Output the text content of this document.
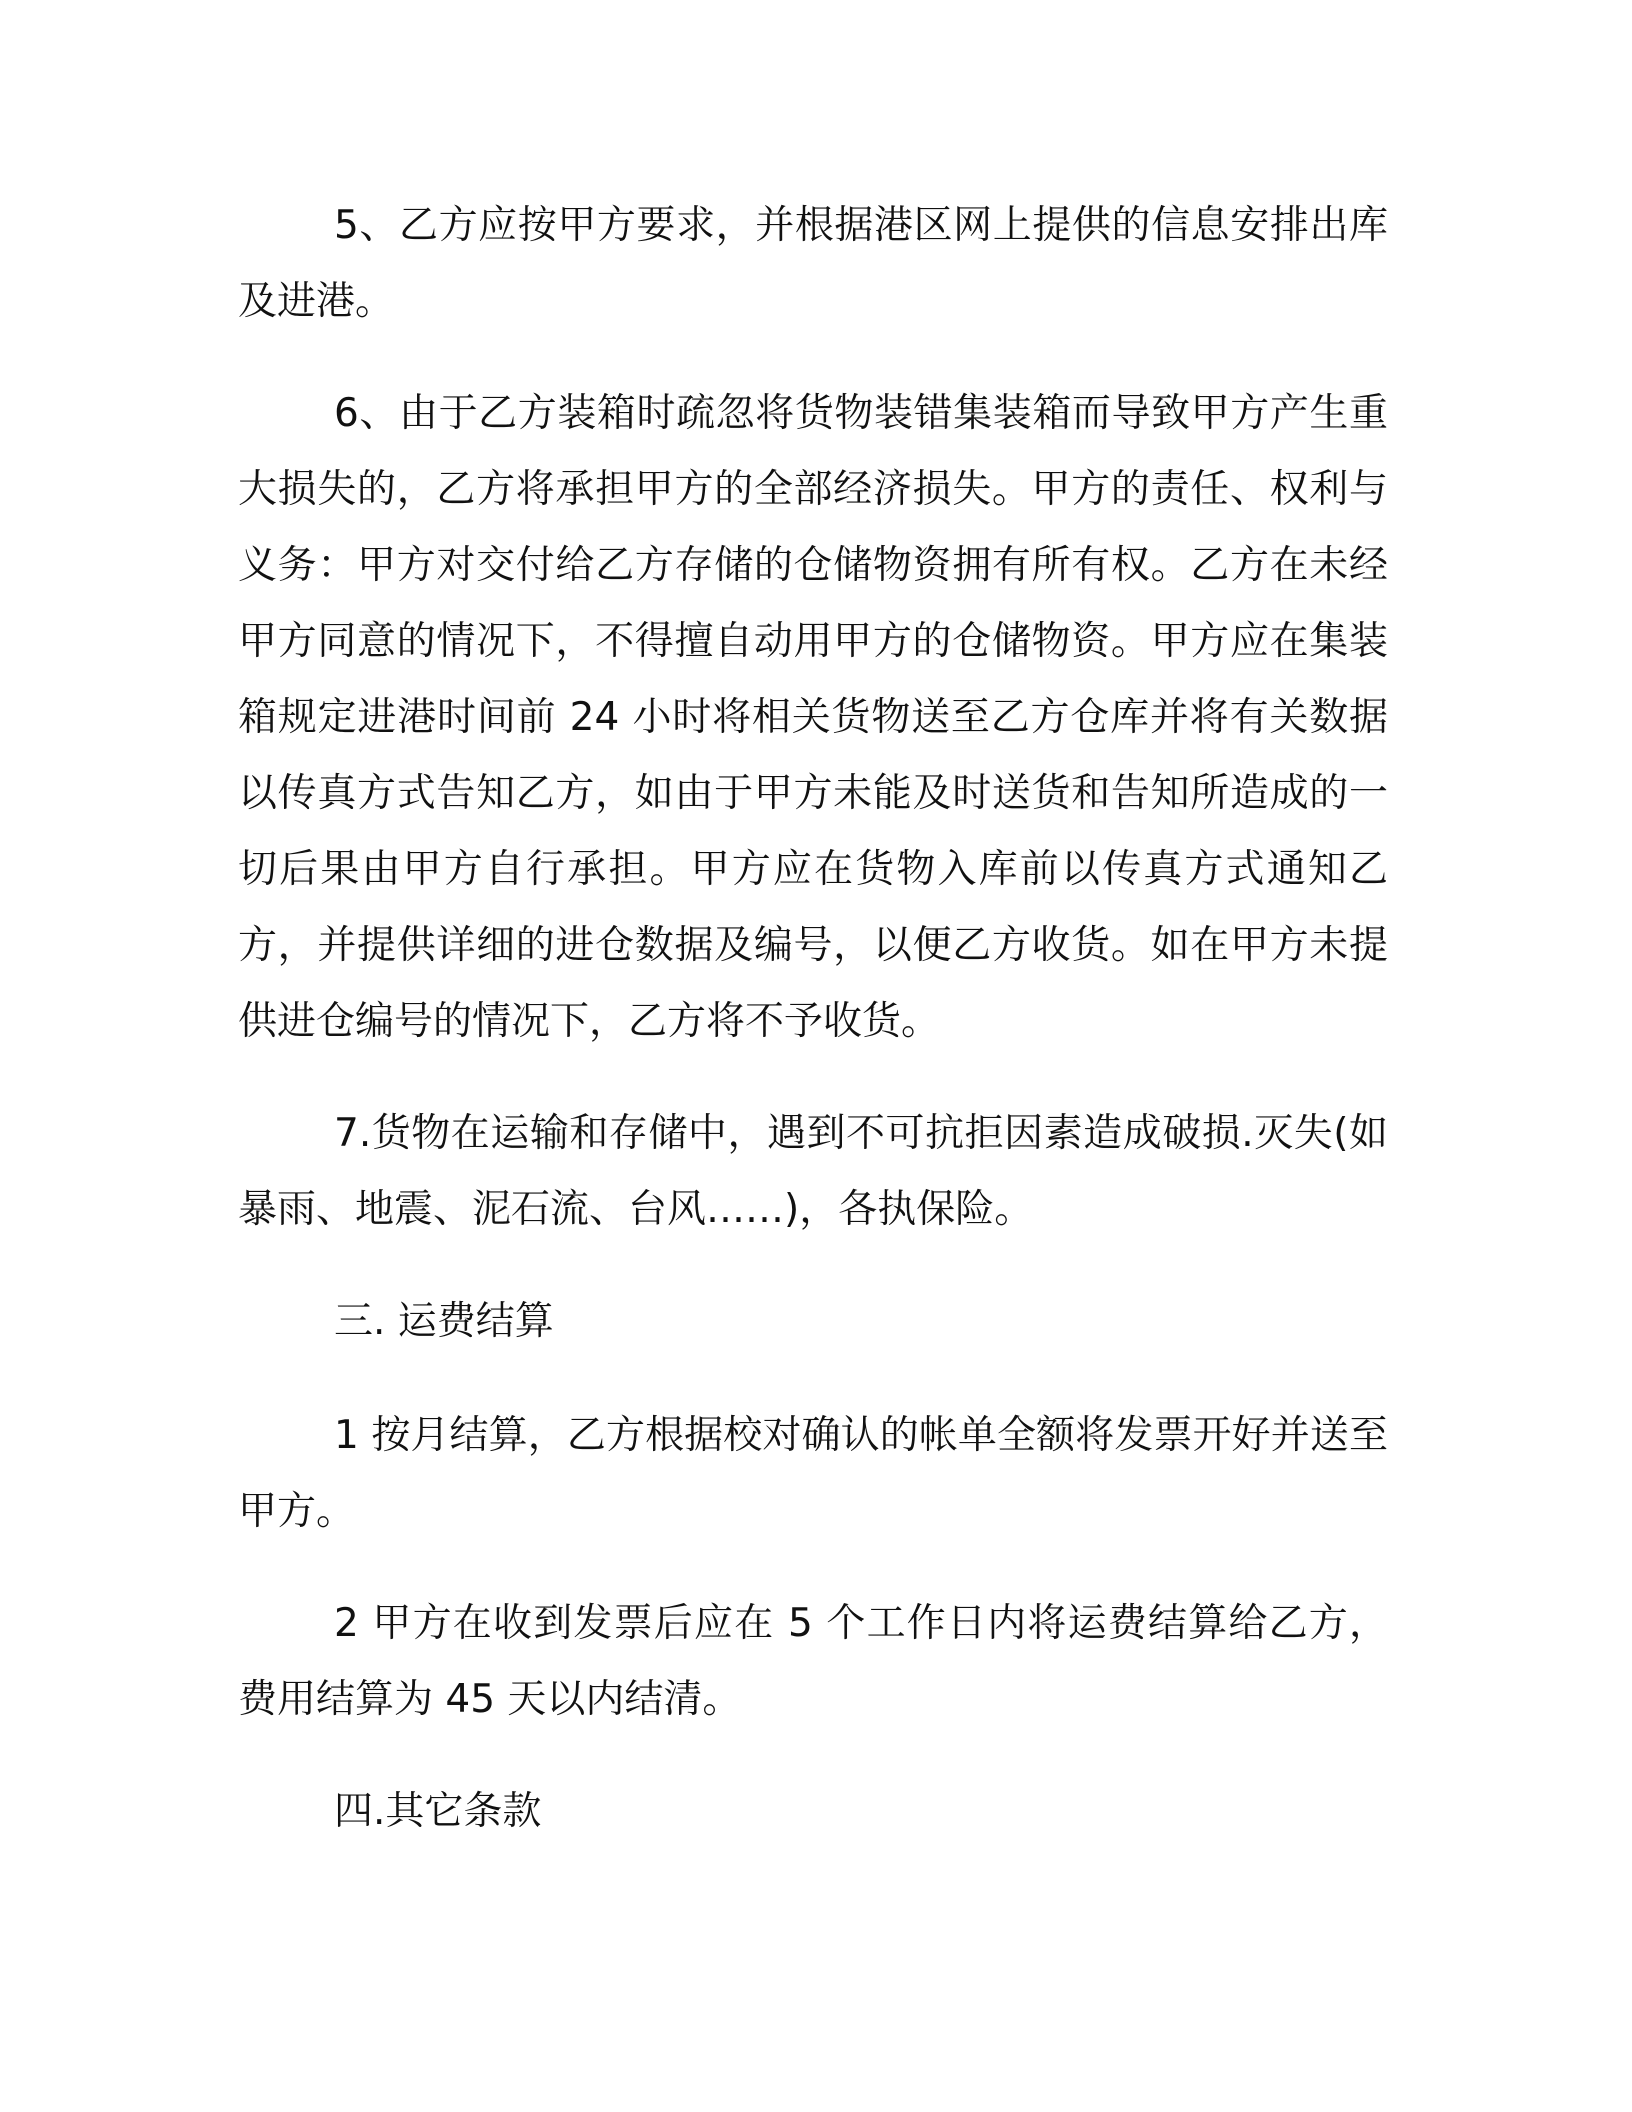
5、乙方应按甲方要求，并根据港区网上提供的信息安排出库及进港。

6、由于乙方装箱时疏忽将货物装错集装箱而导致甲方产生重大损失的，乙方将承担甲方的全部经济损失。甲方的责任、权利与义务：甲方对交付给乙方存储的仓储物资拥有所有权。乙方在未经甲方同意的情况下，不得擅自动用甲方的仓储物资。甲方应在集装箱规定进港时间前 24 小时将相关货物送至乙方仓库并将有关数据以传真方式告知乙方，如由于甲方未能及时送货和告知所造成的一切后果由甲方自行承担。甲方应在货物入库前以传真方式通知乙方，并提供详细的进仓数据及编号，以便乙方收货。如在甲方未提供进仓编号的情况下，乙方将不予收货。

7.货物在运输和存储中，遇到不可抗拒因素造成破损.灭失(如暴雨、地震、泥石流、台风……)，各执保险。

三. 运费结算

1 按月结算，乙方根据校对确认的帐单全额将发票开好并送至甲方。

2 甲方在收到发票后应在 5 个工作日内将运费结算给乙方，费用结算为 45 天以内结清。

四.其它条款
